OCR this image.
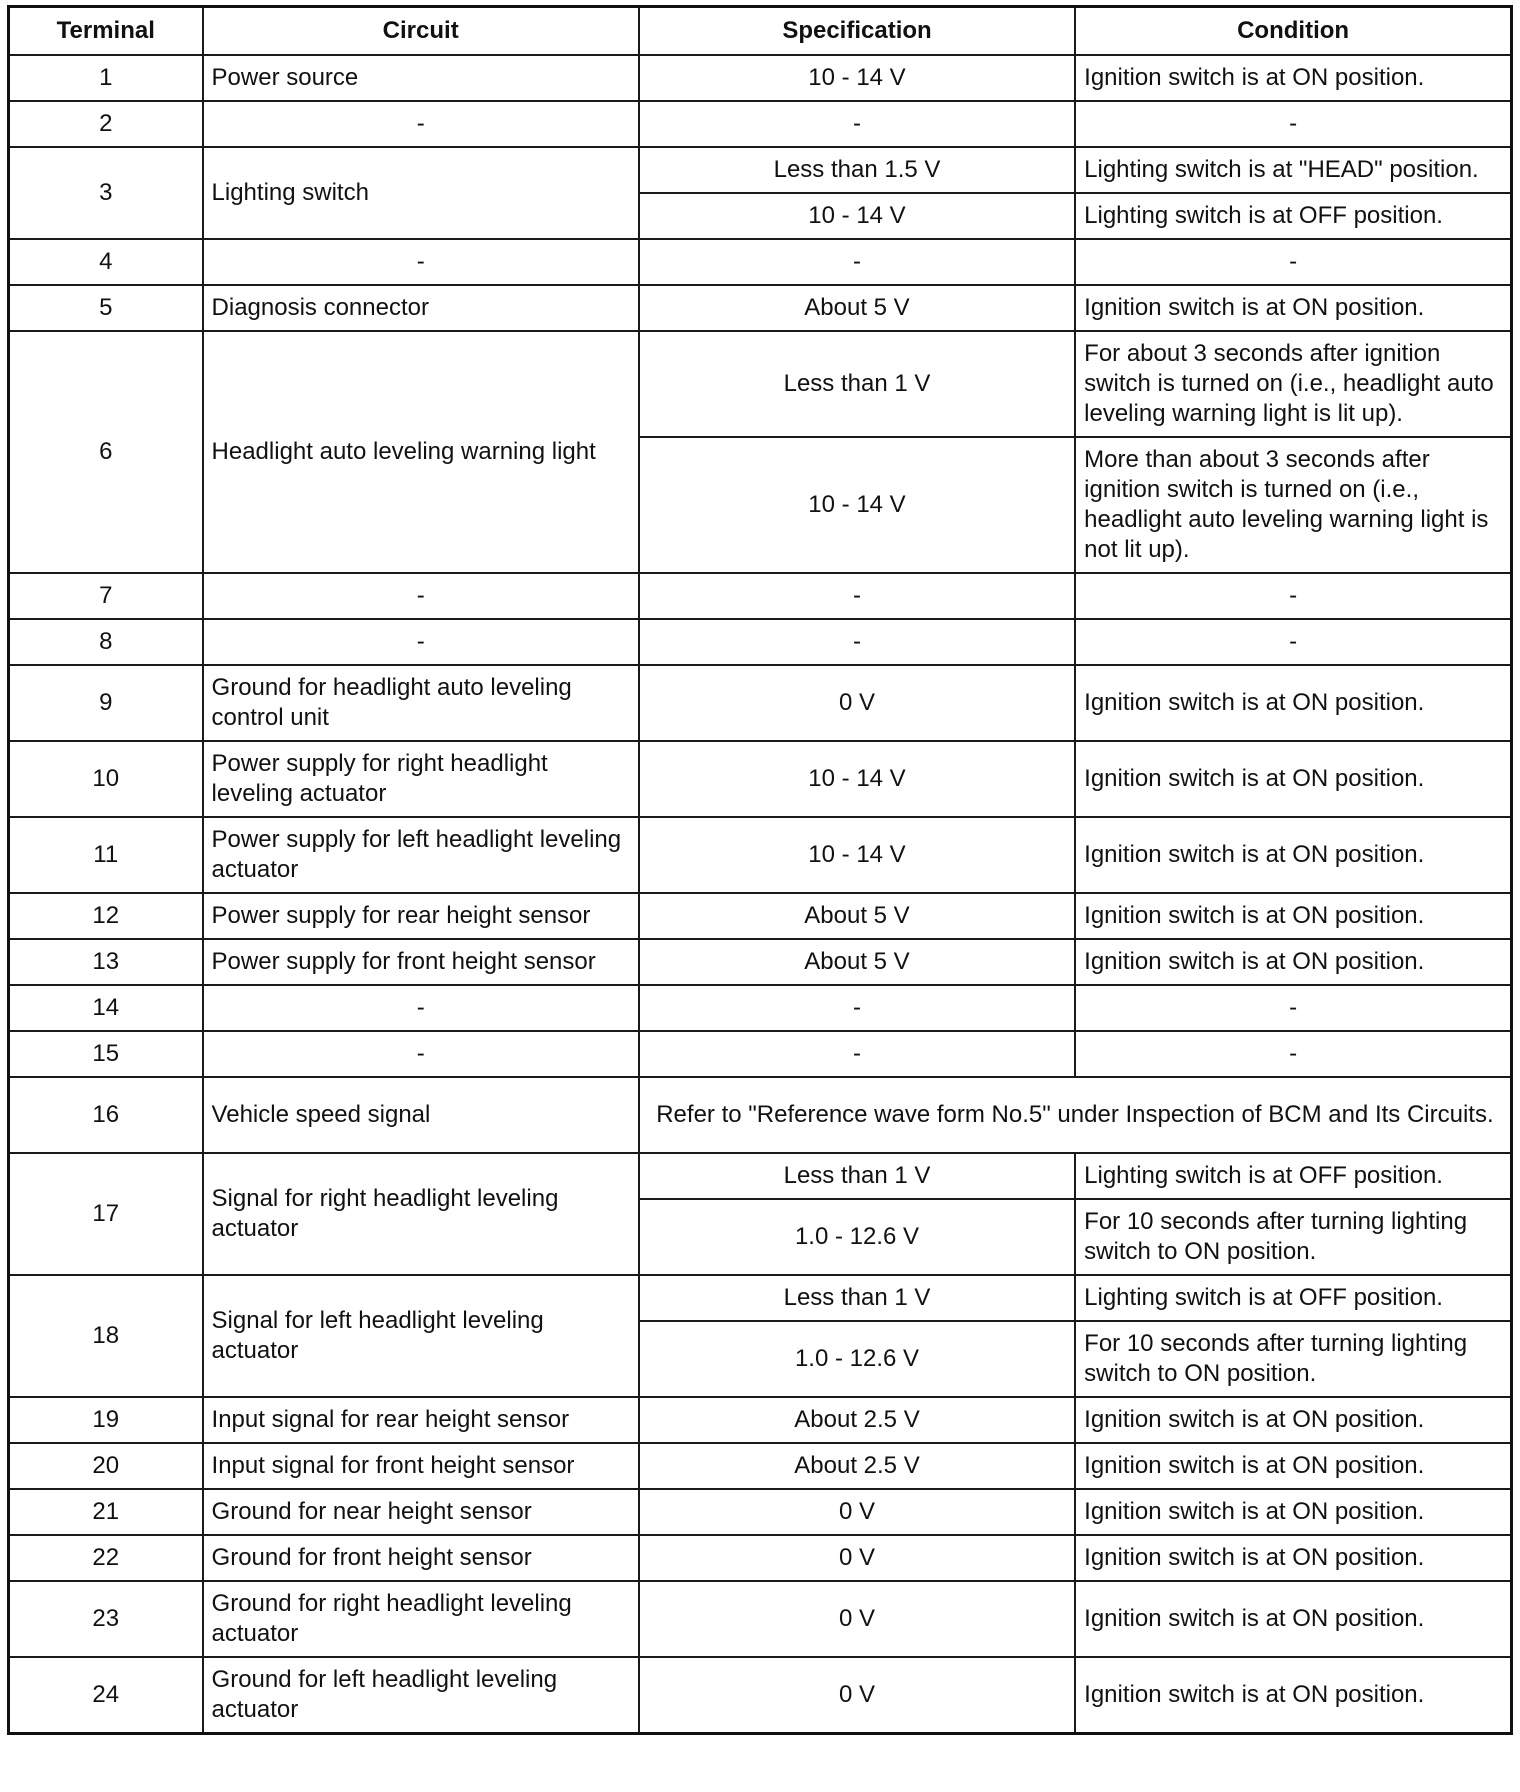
Terminal	Circuit	Specification	Condition
1	Power source	10 - 14 V	Ignition switch is at ON position.
2	-	-	-
3	Lighting switch	Less than 1.5 V	Lighting switch is at "HEAD" position.
		10 - 14 V	Lighting switch is at OFF position.
4	-	-	-
5	Diagnosis connector	About 5 V	Ignition switch is at ON position.
6	Headlight auto leveling warning light	Less than 1 V	For about 3 seconds after ignition switch is turned on (i.e., headlight auto leveling warning light is lit up).
		10 - 14 V	More than about 3 seconds after ignition switch is turned on (i.e., headlight auto leveling warning light is not lit up).
7	-	-	-
8	-	-	-
9	Ground for headlight auto leveling control unit	0 V	Ignition switch is at ON position.
10	Power supply for right headlight leveling actuator	10 - 14 V	Ignition switch is at ON position.
11	Power supply for left headlight leveling actuator	10 - 14 V	Ignition switch is at ON position.
12	Power supply for rear height sensor	About 5 V	Ignition switch is at ON position.
13	Power supply for front height sensor	About 5 V	Ignition switch is at ON position.
14	-	-	-
15	-	-	-
16	Vehicle speed signal	Refer to "Reference wave form No.5" under Inspection of BCM and Its Circuits.	
17	Signal for right headlight leveling actuator	Less than 1 V	Lighting switch is at OFF position.
		1.0 - 12.6 V	For 10 seconds after turning lighting switch to ON position.
18	Signal for left headlight leveling actuator	Less than 1 V	Lighting switch is at OFF position.
		1.0 - 12.6 V	For 10 seconds after turning lighting switch to ON position.
19	Input signal for rear height sensor	About 2.5 V	Ignition switch is at ON position.
20	Input signal for front height sensor	About 2.5 V	Ignition switch is at ON position.
21	Ground for near height sensor	0 V	Ignition switch is at ON position.
22	Ground for front height sensor	0 V	Ignition switch is at ON position.
23	Ground for right headlight leveling actuator	0 V	Ignition switch is at ON position.
24	Ground for left headlight leveling actuator	0 V	Ignition switch is at ON position.
